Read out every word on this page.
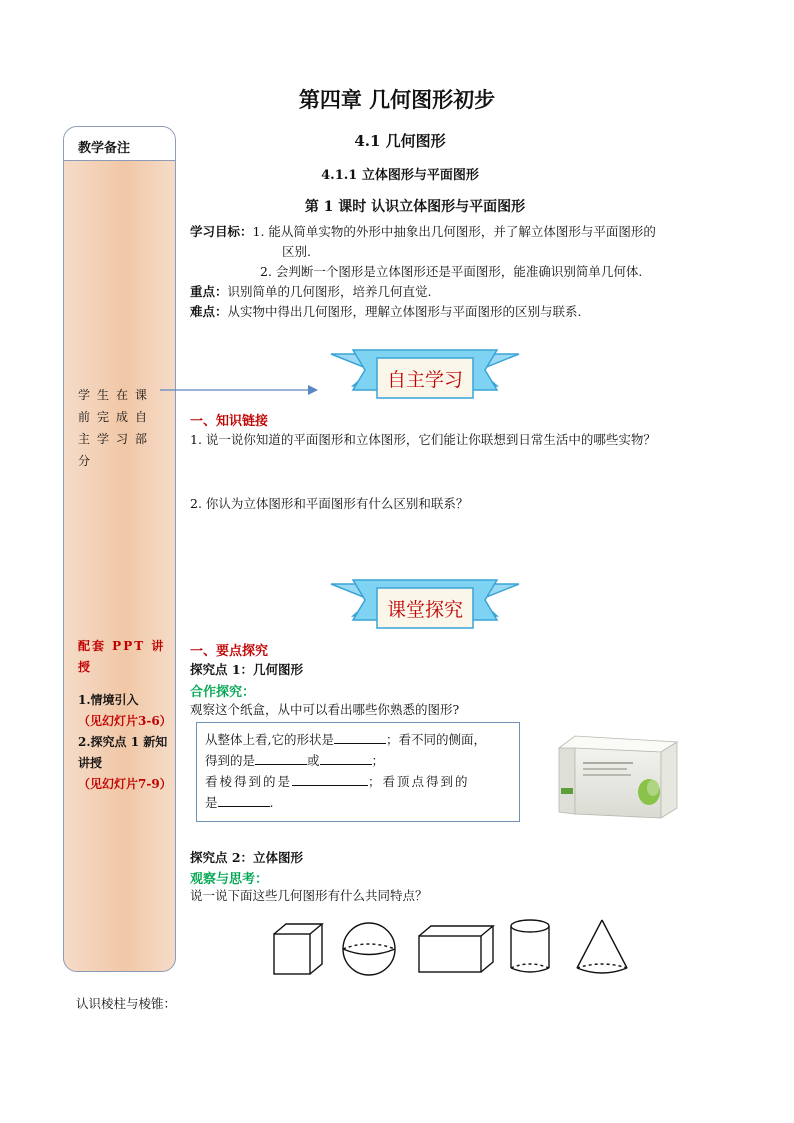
第四章 几何图形初步
4.1 几何图形
4.1.1 立体图形与平面图形
第 1 课时 认识立体图形与平面图形
教学备注
学生在课前完成自主学习部分
配套 PPT 讲授
1.情境引入
（见幻灯片3-6）
2.探究点 1 新知讲授
（见幻灯片7-9）
学习目标：1. 能从简单实物的外形中抽象出几何图形，并了解立体图形与平面图形的
区别.
2. 会判断一个图形是立体图形还是平面图形，能准确识别简单几何体.
重点：识别简单的几何图形，培养几何直觉.
难点：从实物中得出几何图形，理解立体图形与平面图形的区别与联系.
自主学习
一、知识链接
1. 说一说你知道的平面图形和立体图形，它们能让你联想到日常生活中的哪些实物？
2. 你认为立体图形和平面图形有什么区别和联系？
课堂探究
一、要点探究
探究点 1：几何图形
合作探究：
观察这个纸盒，从中可以看出哪些你熟悉的图形?
从整体上看,它的形状是	；看不同的侧面，
得到的是	或	；
看棱得到的是	；看顶点得到的
是	.
探究点 2：立体图形
观察与思考：
说一说下面这些几何图形有什么共同特点？
认识棱柱与棱锥：
